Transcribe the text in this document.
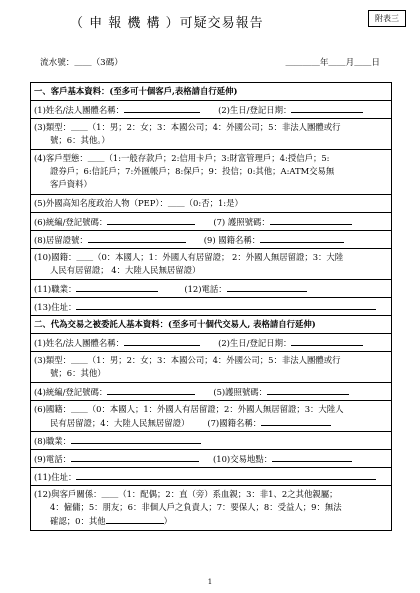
（ 申 報 機 構 ）可疑交易報告	附表三
流水號：＿＿（3碼）	＿＿＿＿年＿＿月＿＿日
一、客戶基本資料：(至多可十個客戶,表格請自行延伸)
(1)姓名/法人團體名稱：	(2)生日/登記日期：
(3)類型：＿＿（1：男；2：女；3：本國公司；4：外國公司；5：非法人團體或行
號；6：其他。）
(4)客戶型態：＿＿（1:一般存款戶；2:信用卡戶；3:財富管理戶；4:授信戶；5:
證券戶；6:信託戶；7:外匯帳戶；8:保戶；9：投信；0:其他；A:ATM交易無
客戶資料）
(5)外國高知名度政治人物（PEP）：＿＿（0:否；1:是）
(6)統編/登記號碼：	(7) 護照號碼：
(8)居留證號：	(9) 國籍名稱：
(10)國籍：＿＿（0：本國人；1：外國人有居留證； 2：外國人無居留證；3：大陸
人民有居留證； 4：大陸人民無居留證）
(11)職業：	(12)電話：
(13)住址：
二、代為交易之被委託人基本資料：(至多可十個代交易人, 表格請自行延伸)
(1)姓名/法人團體名稱：	(2)生日/登記日期：
(3)類型：＿＿（1：男；2：女；3：本國公司；4：外國公司；5：非法人團體或行
號；6：其他）
(4)統編/登記號碼：	(5)護照號碼：
(6)國籍：＿＿（0：本國人；1：外國人有居留證；2：外國人無居留證；3：大陸人
民有居留證；4：大陸人民無居留證） (7)國籍名稱：
(8)職業：
(9)電話：	(10)交易地點：
(11)住址：
(12)與客戶關係：＿＿（1：配偶；2：直（旁）系血親；3：非1、2之其他親屬；
4：僱傭；5：朋友；6：非個人戶之負責人；7：要保人；8：受益人；9：無法
確認；0：其他	）
1
